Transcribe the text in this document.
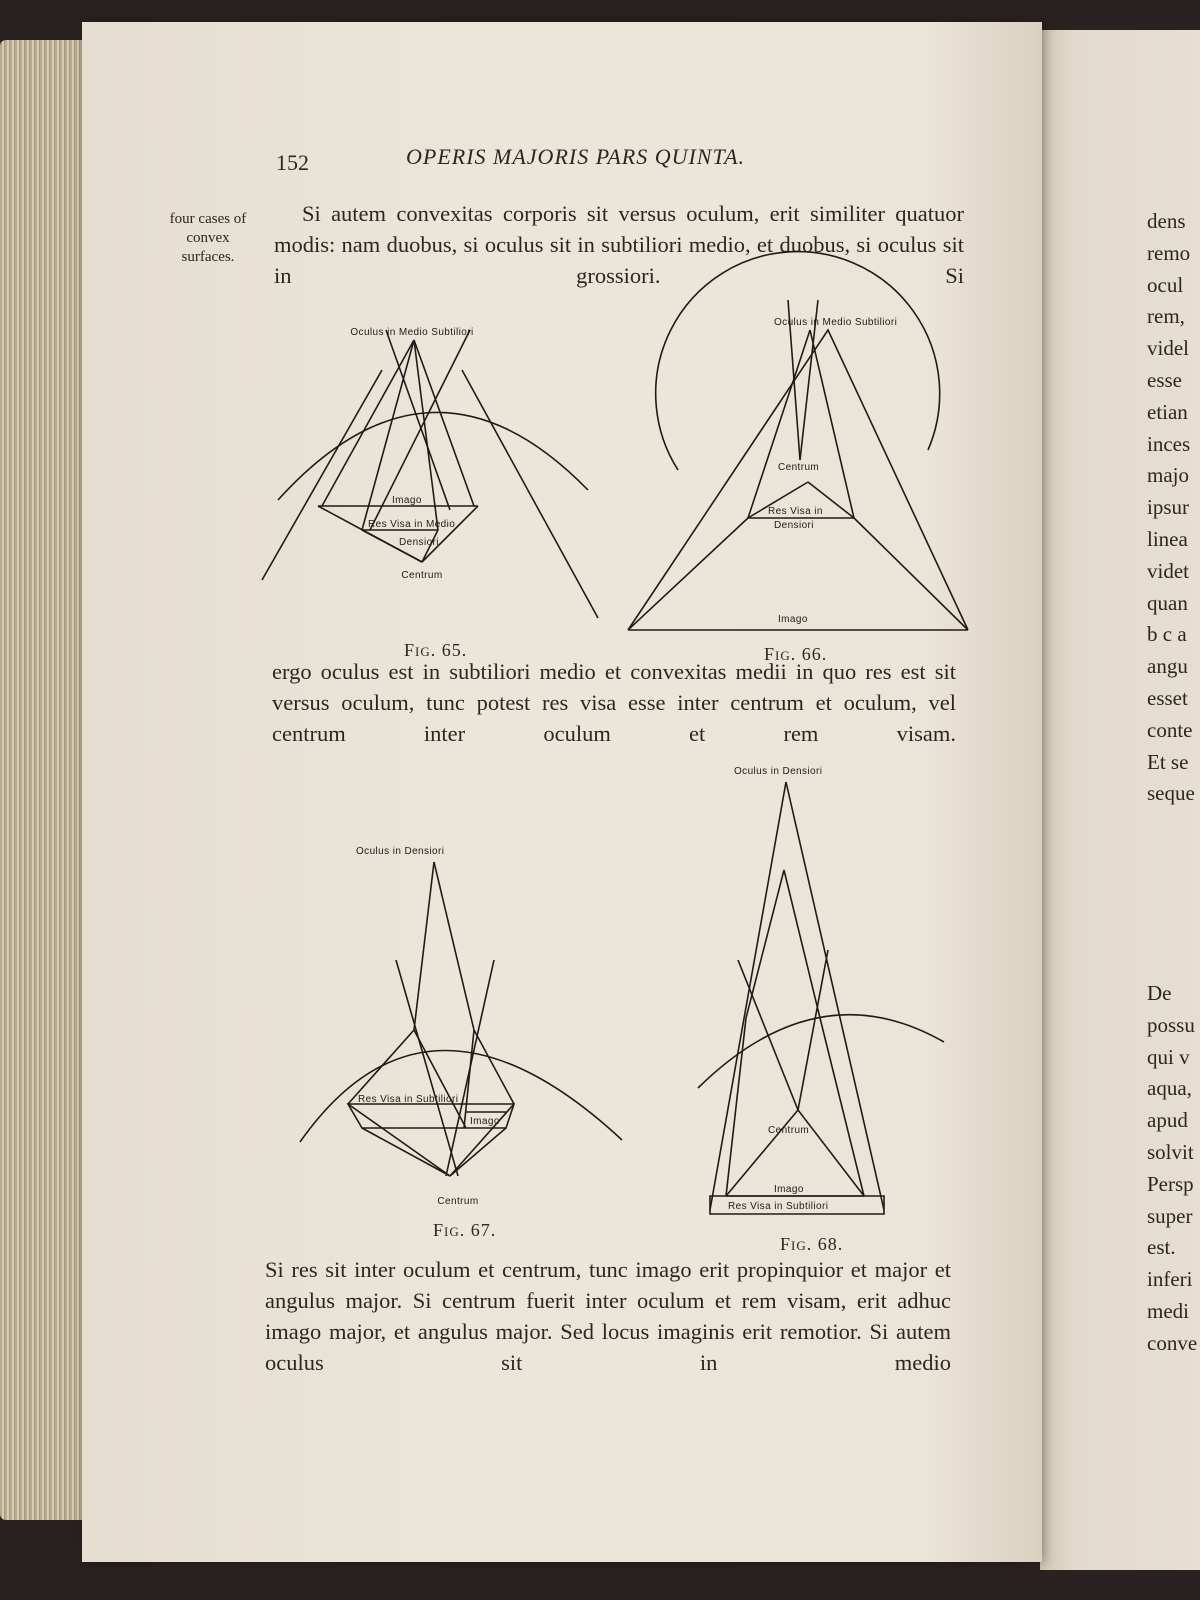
dens
remo
ocul
rem,
videl
esse
etian
inces
majo
ipsur
linea
videt
quan
b c a
angu
esset
conte
Et se
seque
De
possu
qui v
aqua,
apud
solvit
Persp
super
est.
inferi
medi
conve
152	OPERIS MAJORIS PARS QUINTA.
four cases of convex surfaces.
Si autem convexitas corporis sit versus oculum, erit similiter quatuor modis: nam duobus, si oculus sit in subtiliori medio, et duobus, si oculus sit in grossiori. Si
ergo oculus est in subtiliori medio et convexitas medii in quo res est sit versus oculum, tunc potest res visa esse inter centrum et oculum, vel centrum inter oculum et rem visam.
Si res sit inter oculum et centrum, tunc imago erit propinquior et major et angulus major. Si centrum fuerit inter oculum et rem visam, erit adhuc imago major, et angulus major. Sed locus imaginis erit remotior. Si autem oculus sit in medio
Oculus in Medio Subtiliori
Imago
Res Visa in Medio
Densiori
Centrum
Fig. 65.
Oculus in Medio Subtiliori
Centrum
Res Visa in
Densiori
Imago
Fig. 66.
Oculus in Densiori
Res Visa in Subtiliori
Imago
Centrum
Fig. 67.
Oculus in Densiori
Centrum
Imago
Res Visa in Subtiliori
Fig. 68.
